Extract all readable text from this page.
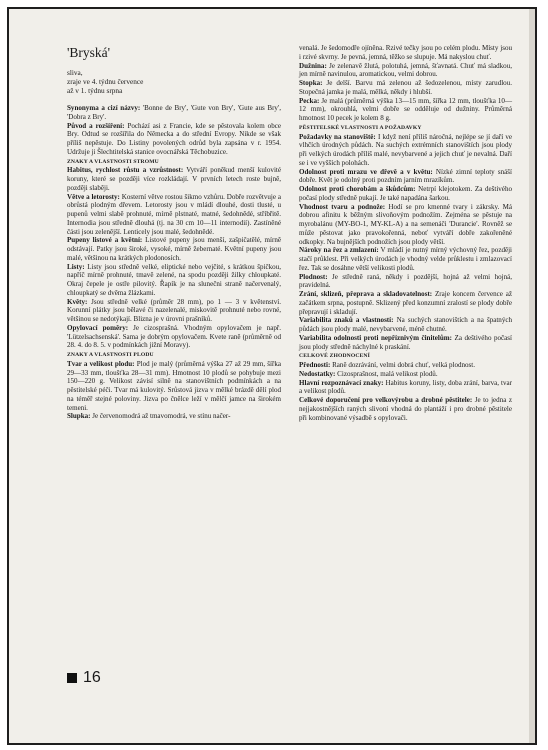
'Bryská'
sliva,
zraje ve 4. týdnu července
až v 1. týdnu srpna

Synonyma a cizí názvy: 'Bonne de Bry', 'Gute von Bry', 'Gute aus Bry', 'Dobra z Bry'.

Původ a rozšíření: Pochází asi z Francie, kde se pěstovala kolem obce Bry. Odtud se rozšířila do Německa a do střední Evropy. Nikde se však příliš nepěstuje. Do Listiny povolených odrůd byla zapsána v r. 1954. Udržuje ji Šlechtitelská stanice ovocnářská Těchobuzice.

ZNAKY A VLASTNOSTI STROMU

Habitus, rychlost růstu a vzrůstnost: Vytváří poněkud menší kulovité koruny, které se později více rozkládají. V prvních letech roste bujně, později slaběji.

Větve a letorosty: Kosterní větve rostou šikmo vzhůru. Dobře rozvětvuje a obrůstá plodným dřevem. Letorosty jsou v mládí dlouhé, dosti tlusté, u pupenů velmi slabě prohnuté, mírně plstnaté, matné, šedohnědé, stříbřitě. Internodia jsou středně dlouhá (tj. na 30 cm 10—11 internodií). Zastíněné části jsou zelenější. Lenticely jsou malé, šedohnědé.

Pupeny listové a květní: Listové pupeny jsou menší, zašpičatělé, mírně odstávají. Patky jsou široké, vysoké, mírně žebernaté. Květní pupeny jsou malé, většinou na krátkých plodonosích.

Listy: Listy jsou středně velké, eliptické nebo vejčité, s krátkou špičkou, napříč mírně prohnuté, tmavě zelené, na spodu později žilky chloupkaté. Okraj čepele je ostře pilovitý. Řapík je na slunečni straně načervenalý, chloupkatý se dvěma žlázkami.

Květy: Jsou středně velké (průměr 28 mm), po 1 — 3 v květenství. Korunní plátky jsou bělavé či nazelenalé, miskovitě prohnuté nebo rovné, většinou se nedotýkají. Blizna je v úrovni prašníků.

Opylovací poměry: Je cizosprašná. Vhodným opylovačem je např. 'Lützelsachsenská'. Sama je dobrým opylovačem. Kvete raně (průměrně od 28. 4. do 8. 5. v podmínkách jižní Moravy).

ZNAKY A VLASTNOSTI PLODU

Tvar a velikost plodu: Plod je malý (průměrná výška 27 až 29 mm, šířka 29—33 mm, tloušťka 28—31 mm). Hmotnost 10 plodů se pohybuje mezi 150—220 g. Velikost závisí silně na stanovištních podmínkách a na pěstitelské péči. Tvar má kulovitý. Srůstová jizva v mělké brázdě dělí plod na téměř stejné poloviny. Jizva po čnělce leží v mělčí jamce na širokém temeni.

Slupka: Je červenomodrá až tmavomodrá, ve stínu načer-

venalá. Je šedomodře ojíněna. Rzivé tečky jsou po celém plodu. Místy jsou i rzivé skvrny. Je pevná, jemná, těžko se slupuje. Má nakyslou chuť.

Dužnina: Je zelenavě žlutá, polotuhá, jemná, šťavnatá. Chuť má sladkou, jen mírně navinulou, aromatickou, velmi dobrou.

Stopka: Je delší. Barvu má zelenou až šedozelenou, místy zarudlou. Stopečná jamka je malá, mělká, někdy i hlubší.

Pecka: Je malá (průměrná výška 13—15 mm, šířka 12 mm, tloušťka 10—12 mm), okrouhlá, velmi dobře se odděluje od dužniny. Průměrná hmotnost 10 pecek je kolem 8 g.

PĚSTITELSKÉ VLASTNOSTI A POŽADAVKY

Požadavky na stanoviště: I když není příliš náročná, nejlépe se jí daří ve vlhčích úrodných půdách. Na suchých extrémních stanovištích jsou plody při velkých úrodách příliš malé, nevybarvené a jejich chuť je nevalná. Daří se i ve vyšších polohách.

Odolnost proti mrazu ve dřevě a v květu: Nízké zimní teploty snáší dobře. Květ je odolný proti pozdním jarním mrazíkům.

Odolnost proti chorobám a škůdcům: Netrpí klejotokem. Za deštivého počasí plody středně pukají. Je také napadána šarkou.

Vhodnost tvaru a podnože: Hodí se pro kmenné tvary i zákrsky. Má dobrou afinitu k běžným slivoňovým podnožím. Zejména se pěstuje na myrobalánu (MY-BO-1, MY-KL-A) a na semenáči 'Durancie'. Rovněž se může pěstovat jako pravokořenná, neboť vytváří dobře zakořeněné odkopky. Na bujnějších podnožích jsou plody větší.

Nároky na řez a zmlazení: V mládí je nutný mírný výchovný řez, později stačí průklest. Při velkých úrodách je vhodný velde průklestu i zmlazovací řez. Tak se dosáhne větší velikosti plodů.

Plodnost: Je středně raná, někdy i pozdější, hojná až velmi hojná, pravidelná.

Zrání, sklizeň, přeprava a skladovatelnost: Zraje koncem července až začátkem srpna, postupně. Sklizený před konzumní zralostí se plody dobře přepravují i skladují.

Variabilita znaků a vlastností: Na suchých stanovištích a na špatných půdách jsou plody malé, nevybarvené, méně chutné.

Variabilita odolnosti proti nepříznivým činitelům: Za deštivého počasí jsou plody středně náchylné k praskání.

CELKOVÉ ZHODNOCENÍ

Přednosti: Raně dozrávání, velmi dobrá chuť, velká plodnost.

Nedostatky: Cizosprašnost, malá velikost plodů.

Hlavní rozpoznávací znaky: Habitus koruny, listy, doba zrání, barva, tvar a velikost plodů.

Celkové doporučení pro velkovýrobu a drobné pěstitele: Je to jedna z nejjakostnějších raných slivoní vhodná do plantáží i pro drobné pěstitele při kombinované výsadbě s opylovači.

16
